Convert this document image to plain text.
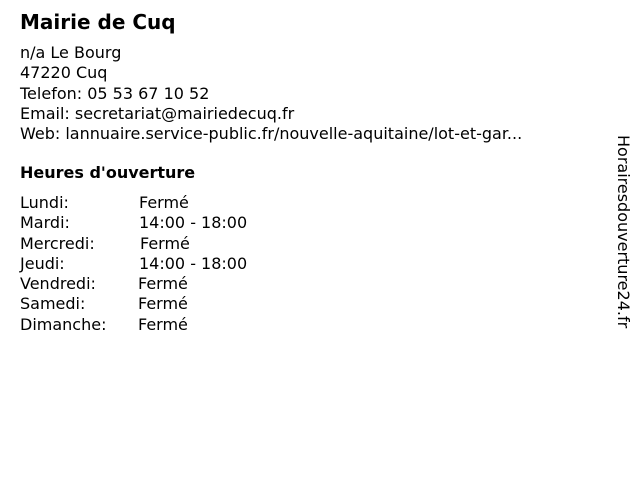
Mairie de Cuq
n/a Le Bourg
47220 Cuq
Telefon: 05 53 67 10 52
Email: secretariat@mairiedecuq.fr
Web: lannuaire.service-public.fr/nouvelle-aquitaine/lot-et-gar...
Heures d'ouverture
Lundi:	Fermé
Mardi:	14:00 - 18:00
Mercredi:	Fermé
Jeudi:	14:00 - 18:00
Vendredi:	Fermé
Samedi:	Fermé
Dimanche: Fermé	Horairesdouverture24.fr
